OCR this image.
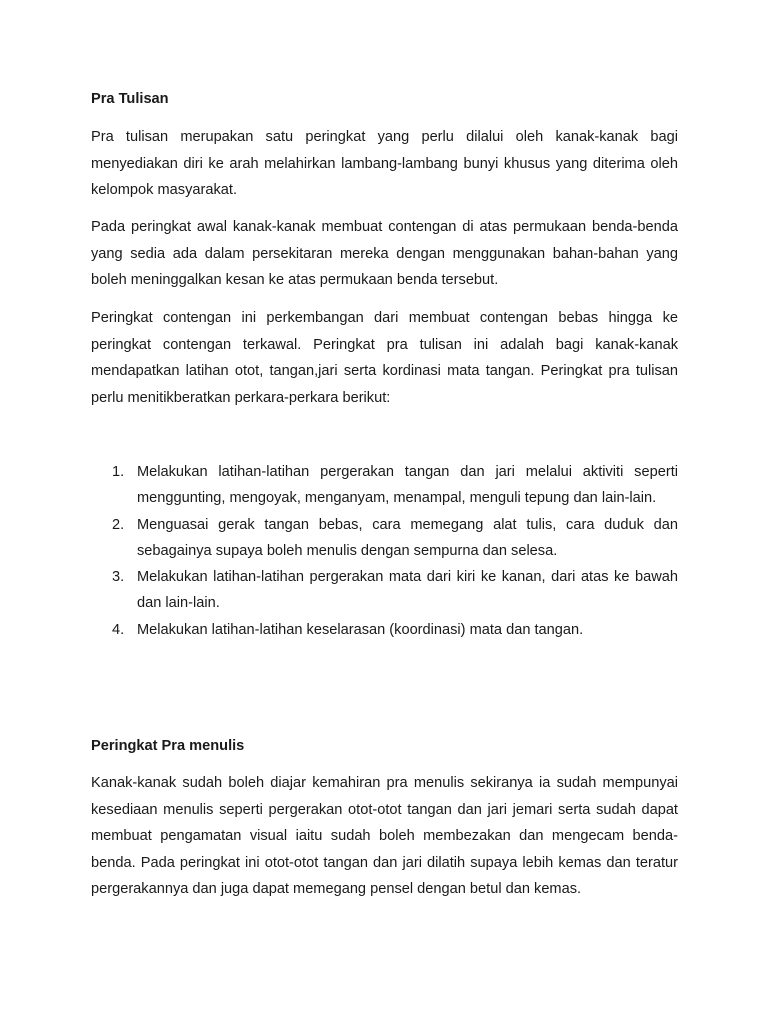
Pra Tulisan

Pra tulisan merupakan satu peringkat yang perlu dilalui oleh kanak-kanak bagi menyediakan diri ke arah melahirkan lambang-lambang bunyi khusus yang diterima oleh kelompok masyarakat.

Pada peringkat awal kanak-kanak membuat contengan di atas permukaan benda-benda yang sedia ada dalam persekitaran mereka dengan menggunakan bahan-bahan yang boleh meninggalkan kesan ke atas permukaan benda tersebut.

Peringkat contengan ini perkembangan dari membuat contengan bebas hingga ke peringkat contengan terkawal. Peringkat pra tulisan ini adalah bagi kanak-kanak mendapatkan latihan otot, tangan,jari serta kordinasi mata tangan. Peringkat pra tulisan perlu menitikberatkan perkara-perkara berikut:

1. Melakukan latihan-latihan pergerakan tangan dan jari melalui aktiviti seperti menggunting, mengoyak, menganyam, menampal, menguli tepung dan lain-lain.
2. Menguasai gerak tangan bebas, cara memegang alat tulis, cara duduk dan sebagainya supaya boleh menulis dengan sempurna dan selesa.
3. Melakukan latihan-latihan pergerakan mata dari kiri ke kanan, dari atas ke bawah dan lain-lain.
4. Melakukan latihan-latihan keselarasan (koordinasi) mata dan tangan.
Peringkat Pra menulis

Kanak-kanak sudah boleh diajar kemahiran pra menulis sekiranya ia sudah mempunyai kesediaan menulis seperti pergerakan otot-otot tangan dan jari jemari serta sudah dapat membuat pengamatan visual iaitu sudah boleh membezakan dan mengecam benda-benda. Pada peringkat ini otot-otot tangan dan jari dilatih supaya lebih kemas dan teratur pergerakannya dan juga dapat memegang pensel dengan betul dan kemas.
